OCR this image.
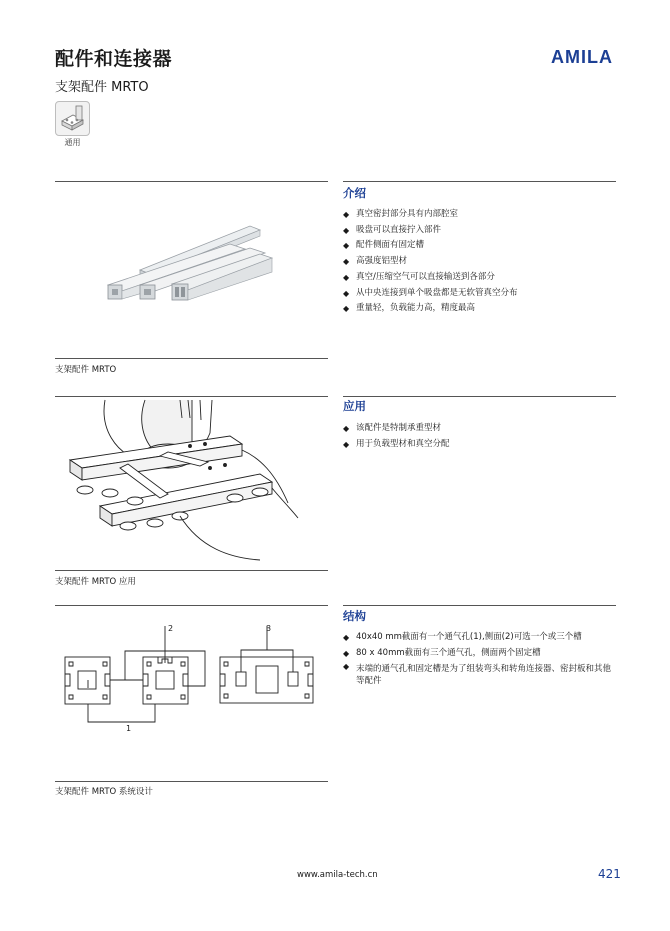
配件和连接器
支架配件 MRTO
AMILA
通用
支架配件 MRTO
介绍
◆ 真空密封部分具有内部腔室
◆ 吸盘可以直接拧入部件
◆ 配件侧面有固定槽
◆ 高强度铝型材
◆ 真空/压缩空气可以直接输送到各部分
◆ 从中央连接到单个吸盘都是无软管真空分布
◆ 重量轻，负载能力高，精度最高
支架配件 MRTO 应用
应用
◆ 该配件是特制承重型材
◆ 用于负载型材和真空分配
2	3
1
支架配件 MRTO 系统设计
结构
◆ 40x40 mm截面有一个通气孔(1),侧面(2)可选一个或三个槽
◆ 80 x 40mm截面有三个通气孔，侧面两个固定槽
◆ 末端的通气孔和固定槽是为了组装弯头和转角连接器、密封板和其他等配件
www.amila-tech.cn	421
